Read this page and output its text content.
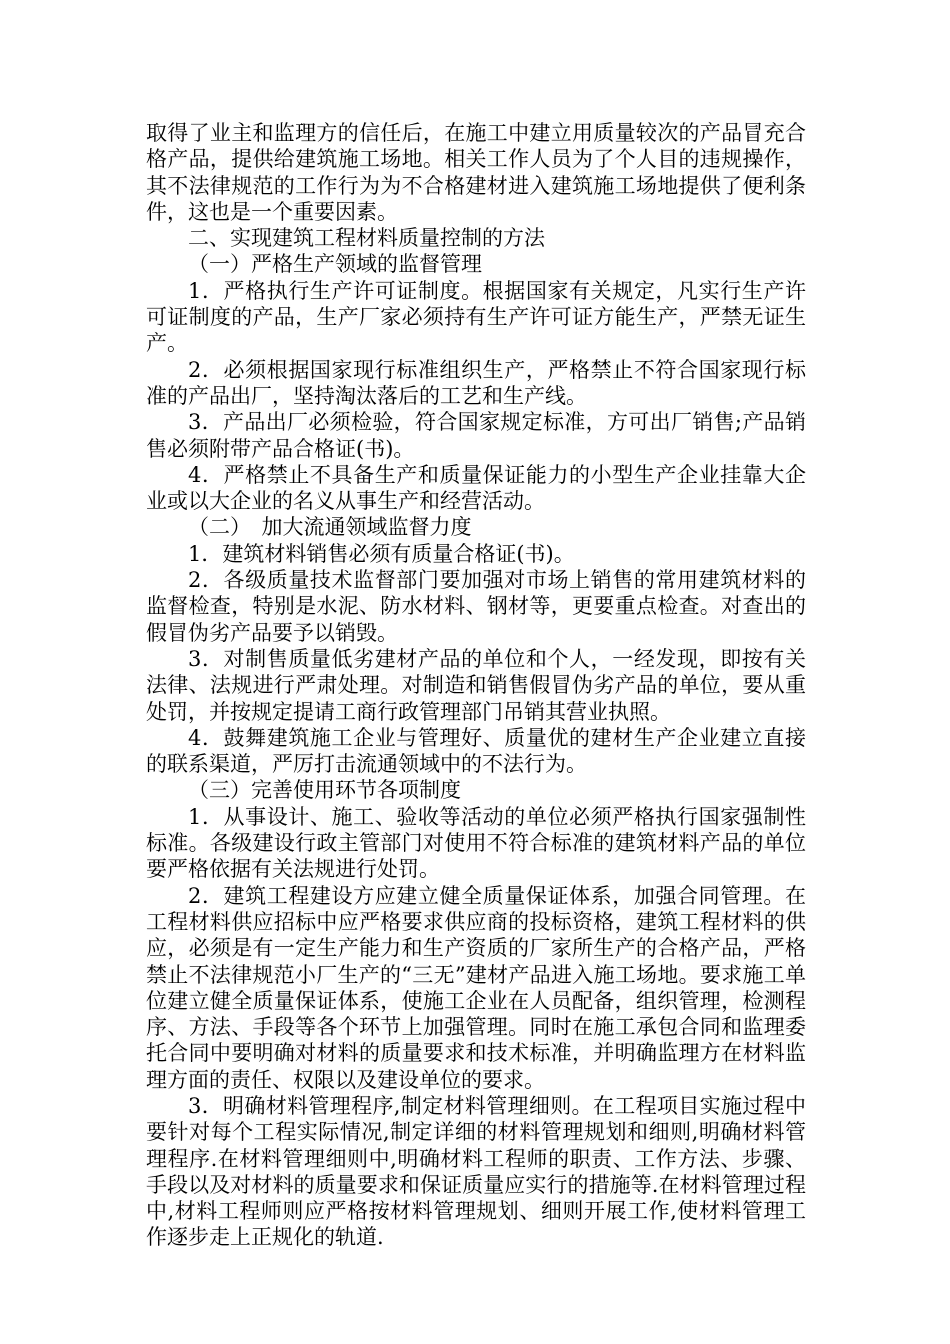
取得了业主和监理方的信任后，在施工中建立用质量较次的产品冒充合格产品，提供给建筑施工场地。相关工作人员为了个人目的违规操作，其不法律规范的工作行为为不合格建材进入建筑施工场地提供了便利条件，这也是一个重要因素。

二、实现建筑工程材料质量控制的方法

（一）严格生产领域的监督管理

1．严格执行生产许可证制度。根据国家有关规定，凡实行生产许可证制度的产品，生产厂家必须持有生产许可证方能生产，严禁无证生产。

2．必须根据国家现行标准组织生产，严格禁止不符合国家现行标准的产品出厂，坚持淘汰落后的工艺和生产线。

3．产品出厂必须检验，符合国家规定标准，方可出厂销售;产品销售必须附带产品合格证(书)。

4．严格禁止不具备生产和质量保证能力的小型生产企业挂靠大企业或以大企业的名义从事生产和经营活动。

（二）　加大流通领域监督力度

1．建筑材料销售必须有质量合格证(书)。

2．各级质量技术监督部门要加强对市场上销售的常用建筑材料的监督检查，特别是水泥、防水材料、钢材等，更要重点检查。对查出的假冒伪劣产品要予以销毁。

3．对制售质量低劣建材产品的单位和个人，一经发现，即按有关法律、法规进行严肃处理。对制造和销售假冒伪劣产品的单位，要从重处罚，并按规定提请工商行政管理部门吊销其营业执照。

4．鼓舞建筑施工企业与管理好、质量优的建材生产企业建立直接的联系渠道，严厉打击流通领域中的不法行为。

（三）完善使用环节各项制度

1．从事设计、施工、验收等活动的单位必须严格执行国家强制性标准。各级建设行政主管部门对使用不符合标准的建筑材料产品的单位要严格依据有关法规进行处罚。

2．建筑工程建设方应建立健全质量保证体系，加强合同管理。在工程材料供应招标中应严格要求供应商的投标资格，建筑工程材料的供应，必须是有一定生产能力和生产资质的厂家所生产的合格产品，严格禁止不法律规范小厂生产的“三无”建材产品进入施工场地。要求施工单位建立健全质量保证体系，使施工企业在人员配备，组织管理，检测程序、方法、手段等各个环节上加强管理。同时在施工承包合同和监理委托合同中要明确对材料的质量要求和技术标准，并明确监理方在材料监理方面的责任、权限以及建设单位的要求。

3．明确材料管理程序,制定材料管理细则。在工程项目实施过程中要针对每个工程实际情况,制定详细的材料管理规划和细则,明确材料管理程序.在材料管理细则中,明确材料工程师的职责、工作方法、步骤、手段以及对材料的质量要求和保证质量应实行的措施等.在材料管理过程中,材料工程师则应严格按材料管理规划、细则开展工作,使材料管理工作逐步走上正规化的轨道.
